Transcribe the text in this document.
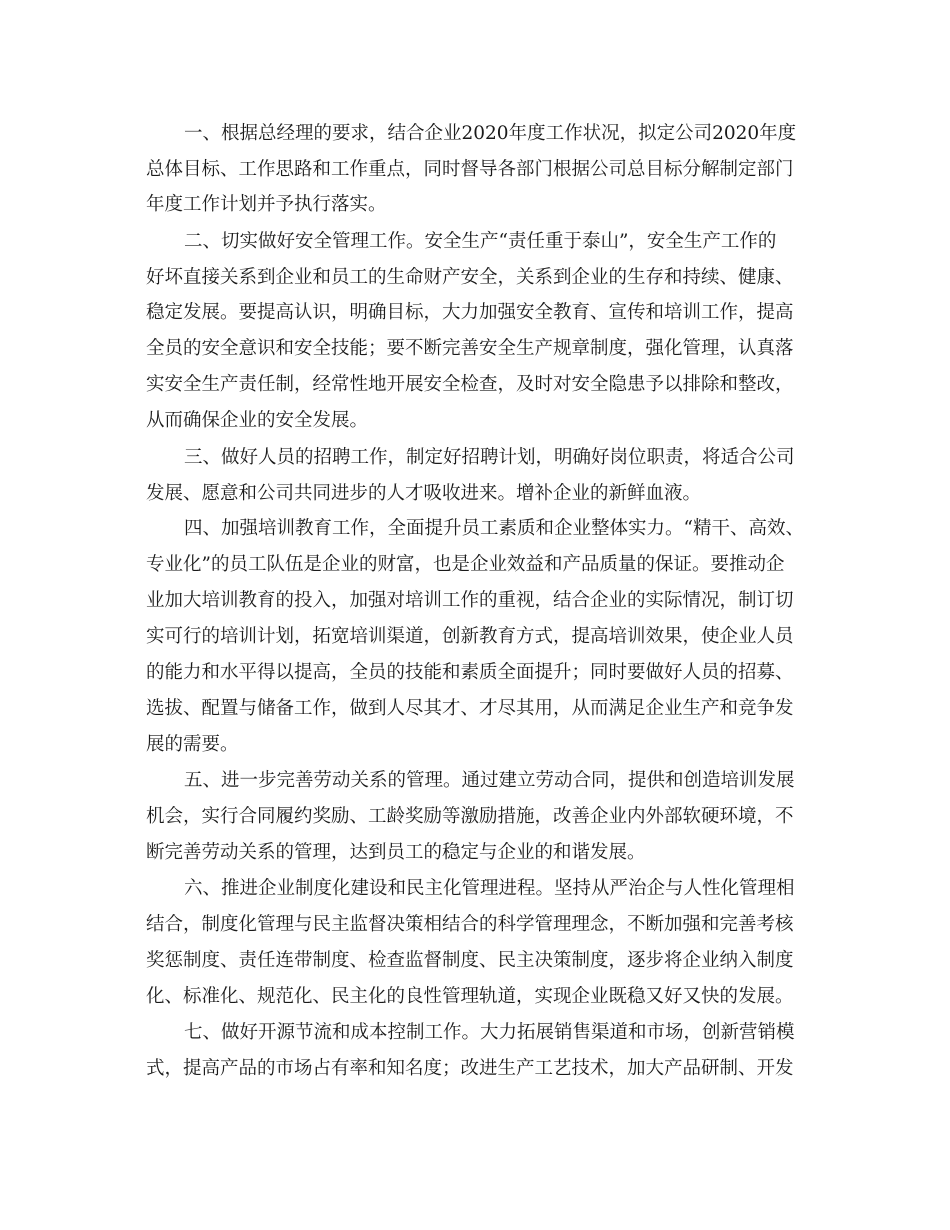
一、根据总经理的要求，结合企业2020年度工作状况，拟定公司2020年度
总体目标、工作思路和工作重点，同时督导各部门根据公司总目标分解制定部门
年度工作计划并予执行落实。
二、切实做好安全管理工作。安全生产“责任重于泰山”，安全生产工作的
好坏直接关系到企业和员工的生命财产安全，关系到企业的生存和持续、健康、
稳定发展。要提高认识，明确目标，大力加强安全教育、宣传和培训工作，提高
全员的安全意识和安全技能；要不断完善安全生产规章制度，强化管理，认真落
实安全生产责任制，经常性地开展安全检查，及时对安全隐患予以排除和整改，
从而确保企业的安全发展。
三、做好人员的招聘工作，制定好招聘计划，明确好岗位职责，将适合公司
发展、愿意和公司共同进步的人才吸收进来。增补企业的新鲜血液。
四、加强培训教育工作，全面提升员工素质和企业整体实力。“精干、高效、
专业化”的员工队伍是企业的财富，也是企业效益和产品质量的保证。要推动企
业加大培训教育的投入，加强对培训工作的重视，结合企业的实际情况，制订切
实可行的培训计划，拓宽培训渠道，创新教育方式，提高培训效果，使企业人员
的能力和水平得以提高，全员的技能和素质全面提升；同时要做好人员的招募、
选拔、配置与储备工作，做到人尽其才、才尽其用，从而满足企业生产和竞争发
展的需要。
五、进一步完善劳动关系的管理。通过建立劳动合同，提供和创造培训发展
机会，实行合同履约奖励、工龄奖励等激励措施，改善企业内外部软硬环境，不
断完善劳动关系的管理，达到员工的稳定与企业的和谐发展。
六、推进企业制度化建设和民主化管理进程。坚持从严治企与人性化管理相
结合，制度化管理与民主监督决策相结合的科学管理理念，不断加强和完善考核
奖惩制度、责任连带制度、检查监督制度、民主决策制度，逐步将企业纳入制度
化、标准化、规范化、民主化的良性管理轨道，实现企业既稳又好又快的发展。
七、做好开源节流和成本控制工作。大力拓展销售渠道和市场，创新营销模
式，提高产品的市场占有率和知名度；改进生产工艺技术，加大产品研制、开发
